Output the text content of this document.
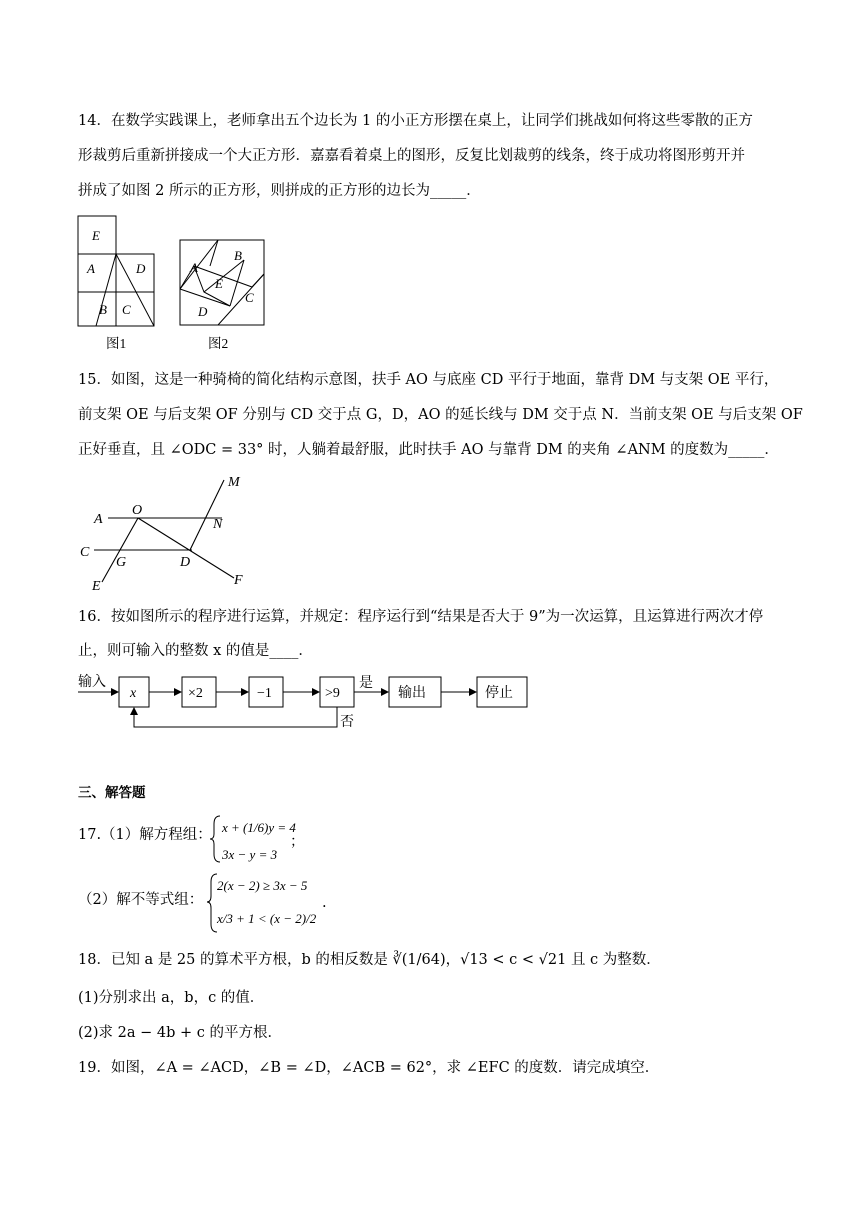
14．在数学实践课上，老师拿出五个边长为 1 的小正方形摆在桌上，让同学们挑战如何将这些零散的正方
形裁剪后重新拼接成一个大正方形．嘉嘉看着桌上的图形，反复比划裁剪的线条，终于成功将图形剪开并
拼成了如图 2 所示的正方形，则拼成的正方形的边长为_____．
E
A	D
B C
图1
A
B
E
C
D
图2
15．如图，这是一种骑椅的简化结构示意图，扶手 AO 与底座 CD 平行于地面，靠背 DM 与支架 OE 平行，
前支架 OE 与后支架 OF 分别与 CD 交于点 G，D，AO 的延长线与 DM 交于点 N．当前支架 OE 与后支架 OF
正好垂直，且 ∠ODC = 33° 时，人躺着最舒服，此时扶手 AO 与靠背 DM 的夹角 ∠ANM 的度数为_____．
M
A
O
N
C
G	D
E	F
16．按如图所示的程序进行运算，并规定：程序运行到“结果是否大于 9”为一次运算，且运算进行两次才停
止，则可输入的整数 x 的值是____．
输入
x	×2	−1	>9
是
输出	停止
否
三、解答题
17.（1）解方程组： x + (1/6)y = 4
3x − y = 3
；
（2）解不等式组：
2(x − 2) ≥ 3x − 5
x/3 + 1 < (x − 2)/2
.
18．已知 a 是 25 的算术平方根，b 的相反数是 ∛(1/64)，√13 < c < √21 且 c 为整数．
(1)分别求出 a，b，c 的值．
(2)求 2a − 4b + c 的平方根．
19．如图，∠A = ∠ACD，∠B = ∠D，∠ACB = 62°，求 ∠EFC 的度数．请完成填空．
